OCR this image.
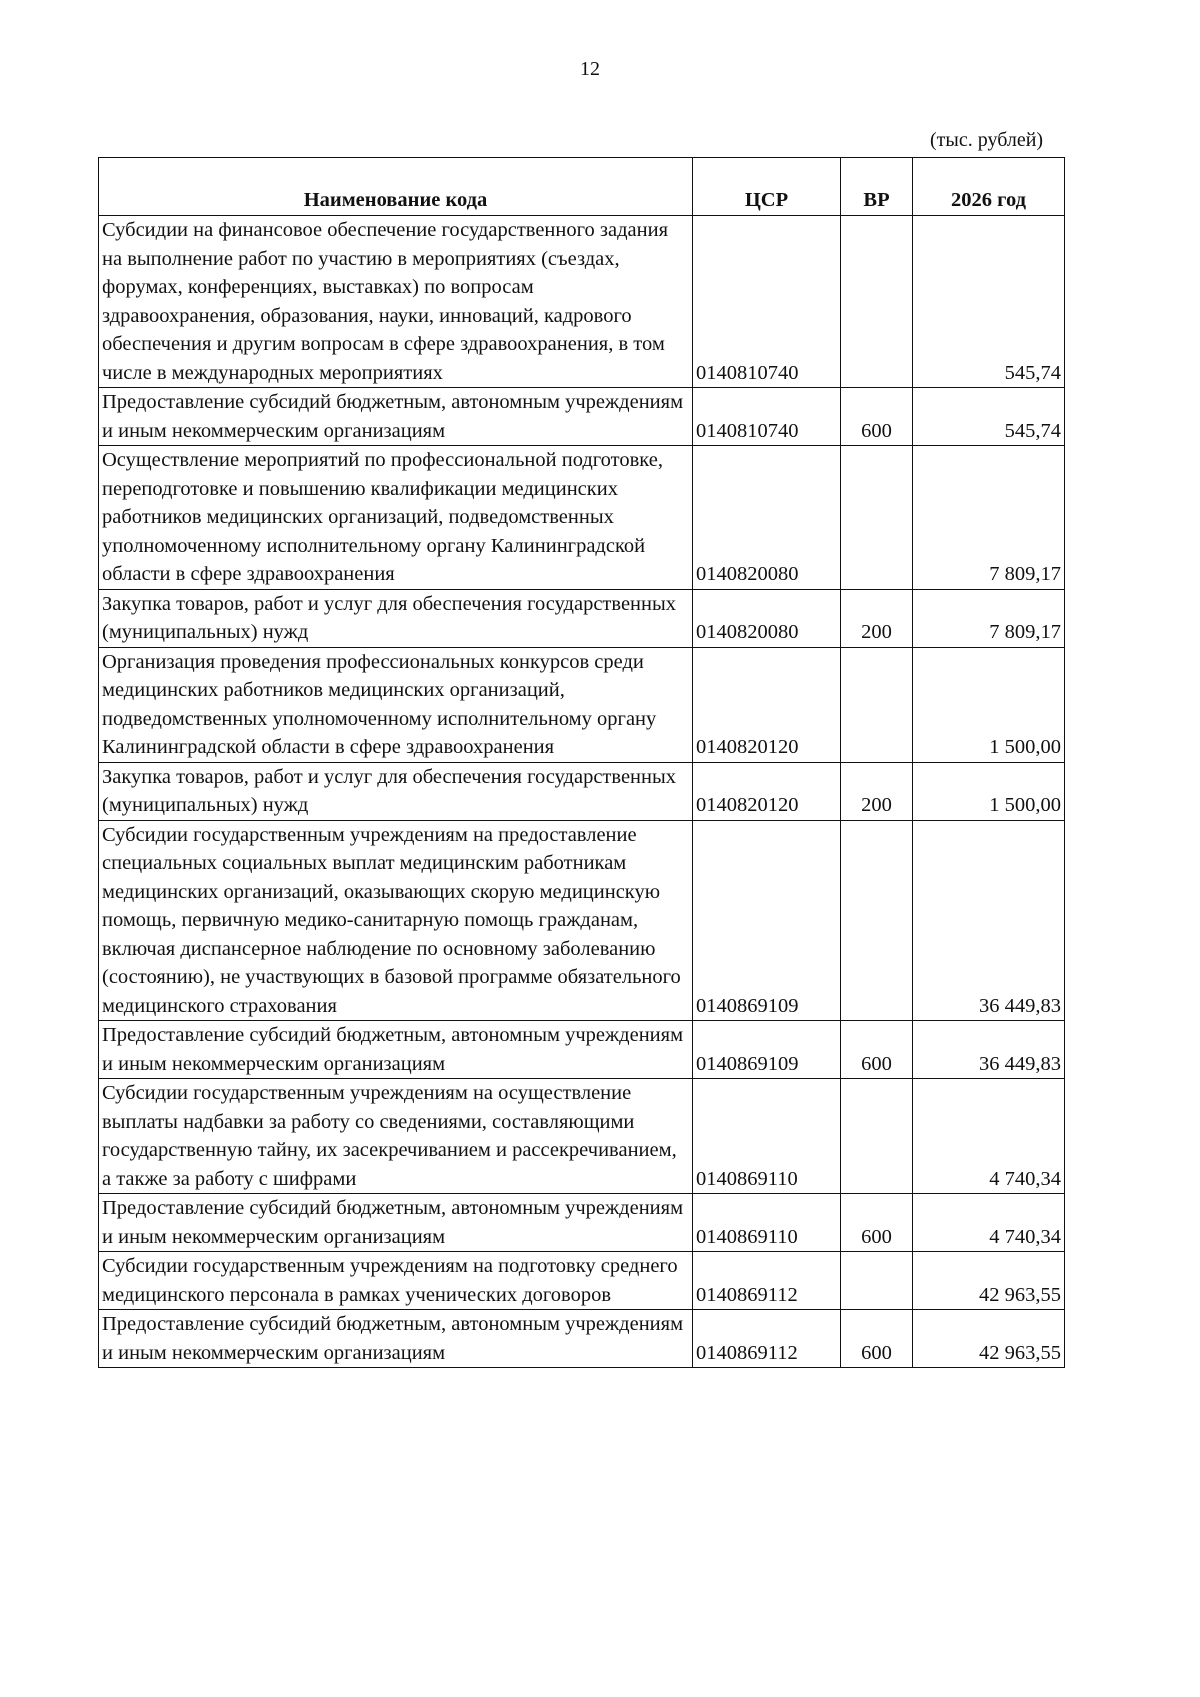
12
(тыс. рублей)
Наименование кода	ЦСР	ВР	2026 год
Субсидии на финансовое обеспечение государственного задания на выполнение работ по участию в мероприятиях (съездах, форумах, конференциях, выставках) по вопросам здравоохранения, образования, науки, инноваций, кадрового обеспечения и другим вопросам в сфере здравоохранения, в том числе в международных мероприятиях	0140810740		545,74
Предоставление субсидий бюджетным, автономным учреждениям и иным некоммерческим организациям	0140810740	600	545,74
Осуществление мероприятий по профессиональной подготовке, переподготовке и повышению квалификации медицинских работников медицинских организаций, подведомственных уполномоченному исполнительному органу Калининградской области в сфере здравоохранения	0140820080		7 809,17
Закупка товаров, работ и услуг для обеспечения государственных (муниципальных) нужд	0140820080	200	7 809,17
Организация проведения профессиональных конкурсов среди медицинских работников медицинских организаций, подведомственных уполномоченному исполнительному органу Калининградской области в сфере здравоохранения	0140820120		1 500,00
Закупка товаров, работ и услуг для обеспечения государственных (муниципальных) нужд	0140820120	200	1 500,00
Субсидии государственным учреждениям на предоставление специальных социальных выплат медицинским работникам медицинских организаций, оказывающих скорую медицинскую помощь, первичную медико-санитарную помощь гражданам, включая диспансерное наблюдение по основному заболеванию (состоянию), не участвующих в базовой программе обязательного медицинского страхования	0140869109		36 449,83
Предоставление субсидий бюджетным, автономным учреждениям и иным некоммерческим организациям	0140869109	600	36 449,83
Субсидии государственным учреждениям на осуществление выплаты надбавки за работу со сведениями, составляющими государственную тайну, их засекречиванием и рассекречиванием, а также за работу с шифрами	0140869110		4 740,34
Предоставление субсидий бюджетным, автономным учреждениям и иным некоммерческим организациям	0140869110	600	4 740,34
Субсидии государственным учреждениям на подготовку среднего медицинского персонала в рамках ученических договоров	0140869112		42 963,55
Предоставление субсидий бюджетным, автономным учреждениям и иным некоммерческим организациям	0140869112	600	42 963,55
